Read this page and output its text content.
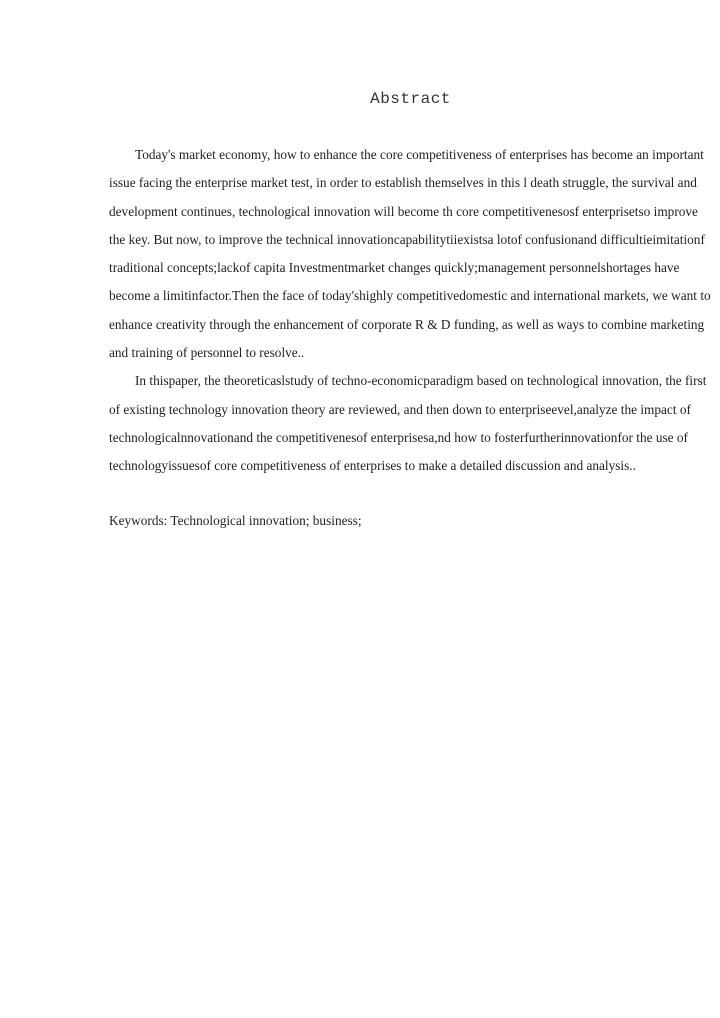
Abstract

Today's market economy, how to enhance the core competitiveness of enterprises has become an important issue facing the enterprise market test, in order to establish themselves in this l death struggle, the survival and development continues, technological innovation will become th core competitivenesosf enterprisetso improve the key. But now, to improve the technical innovationcapabilitytiiexistsa lotof confusionand difficultieimitationf traditional concepts;lackof capita Investmentmarket changes quickly;management personnelshortages have become a limitinfactor.Then the face of today'shighly competitivedomestic and international markets, we want to enhance creativity through the enhancement of corporate R & D funding, as well as ways to combine marketing and training of personnel to resolve..

In thispaper, the theoreticaslstudy of techno-economicparadigm based on technological innovation, the first of existing technology innovation theory are reviewed, and then down to enterpriseevel,analyze the impact of technologicalnnovationand the competitivenesof enterprisesa,nd how to fosterfurtherinnovationfor the use of technologyissuesof core competitiveness of enterprises to make a detailed discussion and analysis..

Keywords: Technological innovation; business;
